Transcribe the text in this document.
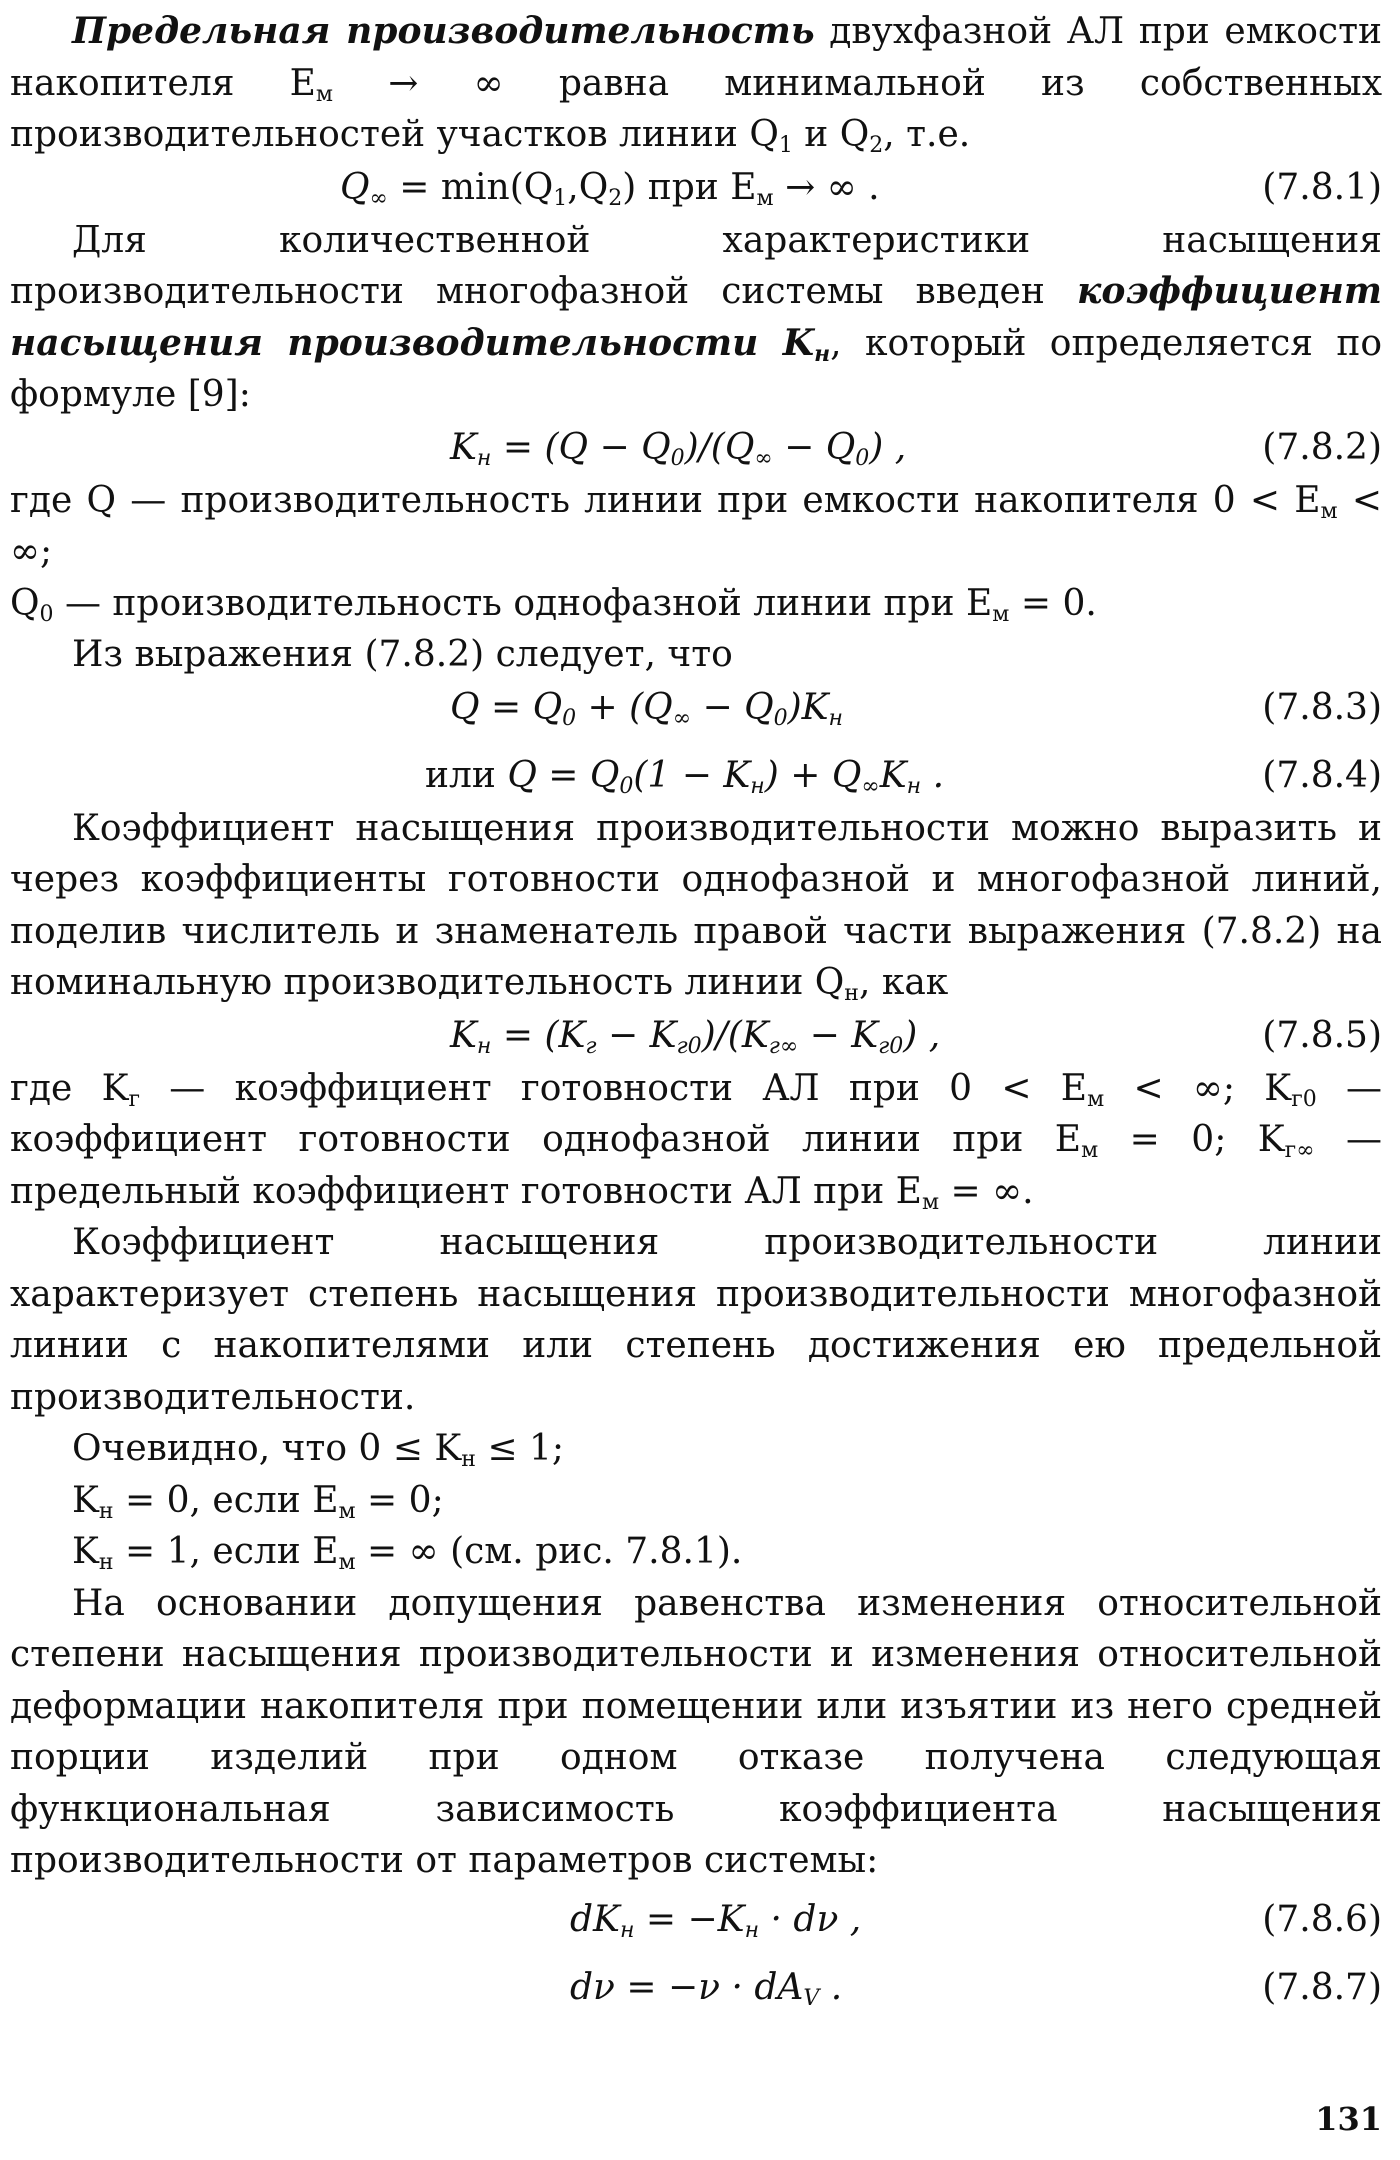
Предельная производительность двухфазной АЛ при емкости накопителя $E_м$ → ∞ равна минимальной из собственных производительностей участков линии $Q_1$ и $Q_2$, т.е.

$Q_\infty = \min(Q_1,Q_2)$ при $E_м$ → ∞ .	(7.8.1)

Для количественной характеристики насыщения производительности многофазной системы введен коэффициент насыщения производительности $K_н$, который определяется по формуле [9]:

$K_н = (Q - Q_0)/(Q_\infty - Q_0)$ ,	(7.8.2)

где Q — производительность линии при емкости накопителя $0 < E_м$ < ∞;

$Q_0$ — производительность однофазной линии при $E_м = 0$.

Из выражения (7.8.2) следует, что

$Q = Q_0 + (Q_\infty - Q_0)K_н$	(7.8.3)
или $Q = Q_0(1 - K_н) + Q_\infty K_н$ .	(7.8.4)

Коэффициент насыщения производительности можно выразить и через коэффициенты готовности однофазной и многофазной линий, поделив числитель и знаменатель правой части выражения (7.8.2) на номинальную производительность линии $Q_н$, как

$K_н = (K_г - K_{г0})/(K_{г\infty} - K_{г0})$ ,	(7.8.5)

где $K_г$ — коэффициент готовности АЛ при $0 < E_м$ < ∞; $K_{г0}$ — коэффициент готовности однофазной линии при $E_м = 0$; $K_{г\infty}$ — предельный коэффициент готовности АЛ при $E_м$ = ∞.

Коэффициент насыщения производительности линии характеризует степень насыщения производительности многофазной линии с накопителями или степень достижения ею предельной производительности.

Очевидно, что $0 \le K_н \le 1$;

$K_н = 0$, если $E_м = 0$;

$K_н = 1$, если $E_м$ = ∞ (см. рис. 7.8.1).

На основании допущения равенства изменения относительной степени насыщения производительности и изменения относительной деформации накопителя при помещении или изъятии из него средней порции изделий при одном отказе получена следующая функциональная зависимость коэффициента насыщения производительности от параметров системы:

$dK_н = -K_н \cdot d\nu$ ,	(7.8.6)
$d\nu = -\nu \cdot dA_V$ .	(7.8.7)
131
